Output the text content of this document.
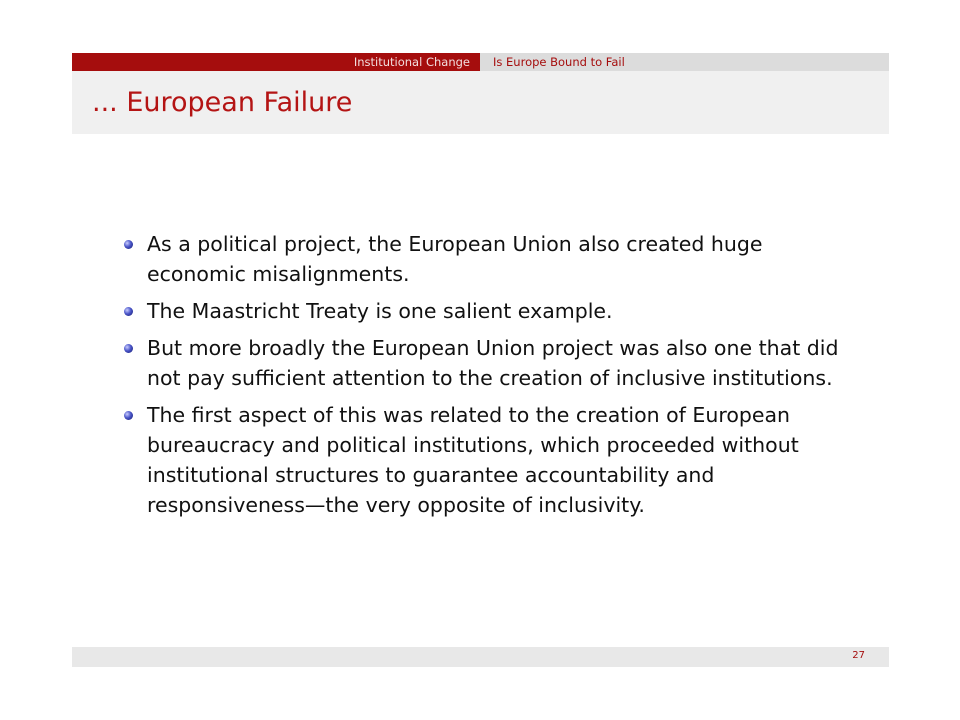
Institutional Change	Is Europe Bound to Fail
... European Failure
As a political project, the European Union also created huge economic misalignments.
The Maastricht Treaty is one salient example.
But more broadly the European Union project was also one that did not pay sufficient attention to the creation of inclusive institutions.
The first aspect of this was related to the creation of European bureaucracy and political institutions, which proceeded without institutional structures to guarantee accountability and responsiveness—the very opposite of inclusivity.
27
